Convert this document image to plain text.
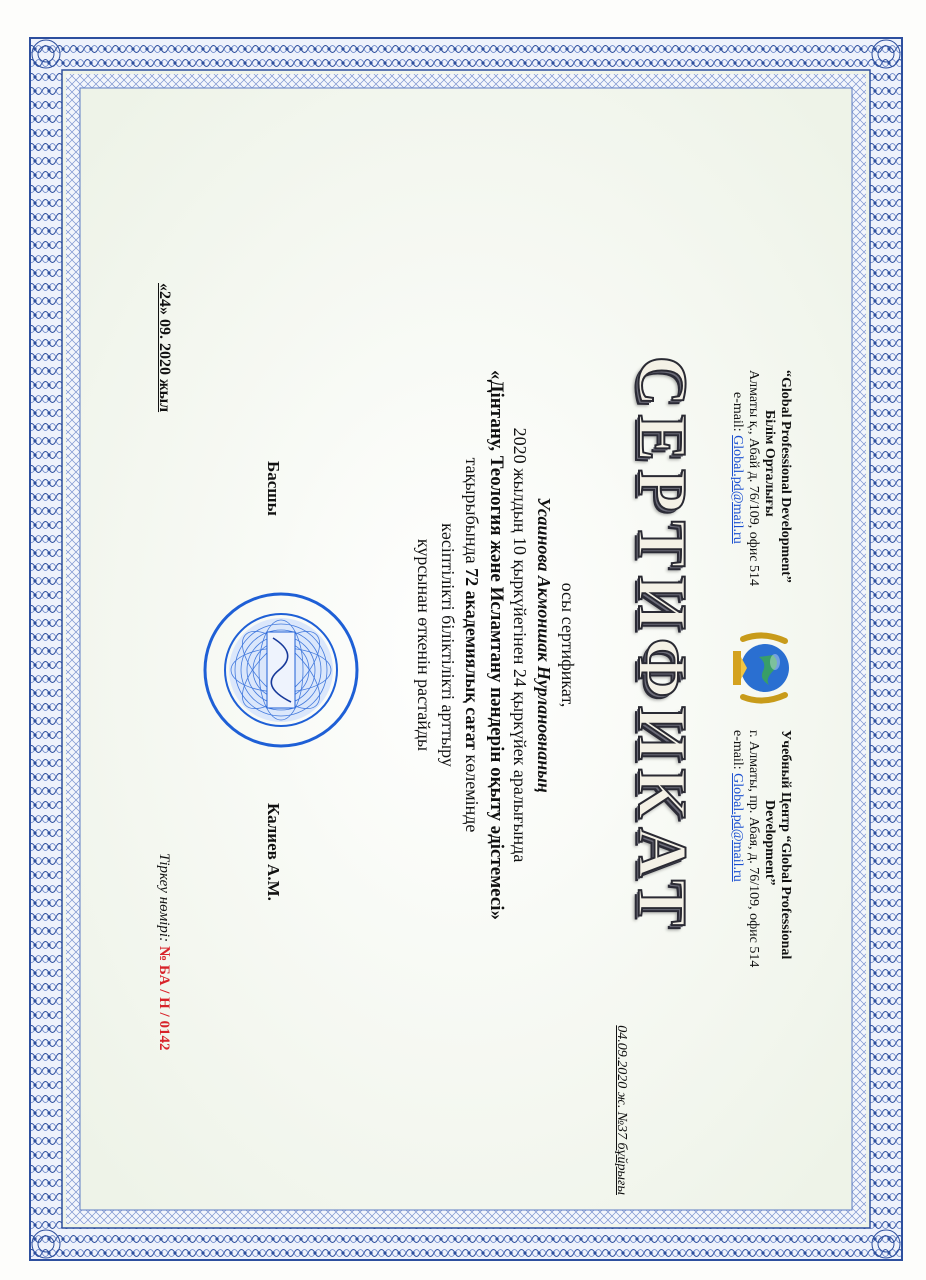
“Global Professional Development”
Білім Орталығы
Алматы қ., Абай д. 76/109, офис 514
e-mail: Global.pd@mail.ru
Учебный Центр “Global Professional
Development”
г. Алматы, пр. Абая, д. 76/109, офис 514
e-mail: Global.pd@mail.ru
04.09.2020 ж. №37 бұйрығы
СЕРТИФИКАТ
осы сертификат,
Усаинова Акмоншак Нурлановнаның
2020 жылдың 10 қыркүйегінен 24 қыркүйек аралығында
«Дінтану, Теология және Исламтану пәндерін оқыту әдістемесі»
тақырыбында 72 академиялық сағат көлемінде
кәсіптілікті біліктілікті арттыру
курсынан өткенін растайды
Басшы
Калиев А.М.
«24» 09. 2020 жыл
Тіркеу нөмірі: № БА / Н / 0142
